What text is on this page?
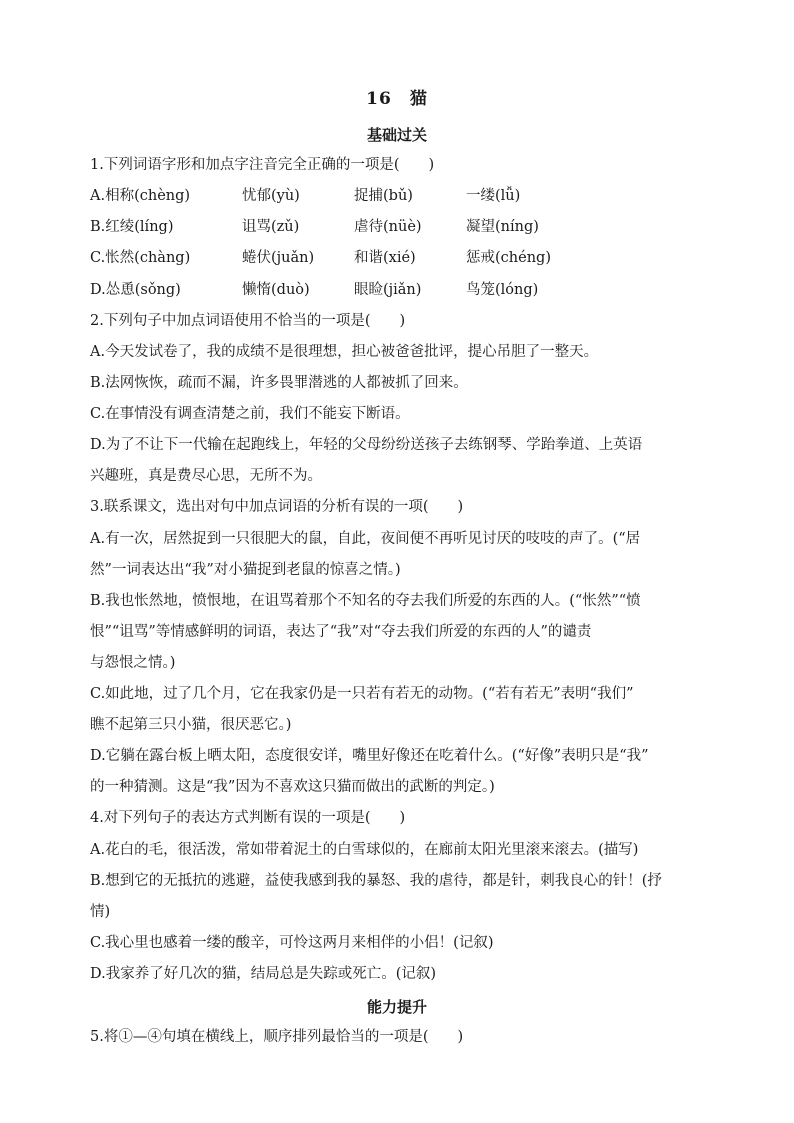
16　猫
基础过关
1.下列词语字形和加点字注音完全正确的一项是(　　)
A.相称(chèng)	忧郁(yù)	捉捕(bǔ)	一缕(lǚ)
B.红绫(líng)	诅骂(zǔ)	虐待(nüè)	凝望(níng)
C.怅然(chàng)	蜷伏(juǎn)	和谐(xié)	惩戒(chéng)
D.怂恿(sǒng)	懒惰(duò)	眼睑(jiǎn)	鸟笼(lóng)
2.下列句子中加点词语使用不恰当的一项是(　　)
A.今天发试卷了，我的成绩不是很理想，担心被爸爸批评，提心吊胆了一整天。
B.法网恢恢，疏而不漏，许多畏罪潜逃的人都被抓了回来。
C.在事情没有调查清楚之前，我们不能妄下断语。
D.为了不让下一代输在起跑线上，年轻的父母纷纷送孩子去练钢琴、学跆拳道、上英语
兴趣班，真是费尽心思，无所不为。
3.联系课文，选出对句中加点词语的分析有误的一项(　　)
A.有一次，居然捉到一只很肥大的鼠，自此，夜间便不再听见讨厌的吱吱的声了。(“居
然”一词表达出“我”对小猫捉到老鼠的惊喜之情。)
B.我也怅然地，愤恨地，在诅骂着那个不知名的夺去我们所爱的东西的人。(“怅然”“愤
恨”“诅骂”等情感鲜明的词语，表达了“我”对“夺去我们所爱的东西的人”的谴责
与怨恨之情。)
C.如此地，过了几个月，它在我家仍是一只若有若无的动物。(“若有若无”表明“我们”
瞧不起第三只小猫，很厌恶它。)
D.它躺在露台板上晒太阳，态度很安详，嘴里好像还在吃着什么。(“好像”表明只是“我”
的一种猜测。这是“我”因为不喜欢这只猫而做出的武断的判定。)
4.对下列句子的表达方式判断有误的一项是(　　)
A.花白的毛，很活泼，常如带着泥土的白雪球似的，在廊前太阳光里滚来滚去。(描写)
B.想到它的无抵抗的逃避，益使我感到我的暴怒、我的虐待，都是针，刺我良心的针！(抒
情)
C.我心里也感着一缕的酸辛，可怜这两月来相伴的小侣！(记叙)
D.我家养了好几次的猫，结局总是失踪或死亡。(记叙)
能力提升
5.将①—④句填在横线上，顺序排列最恰当的一项是(　　)
